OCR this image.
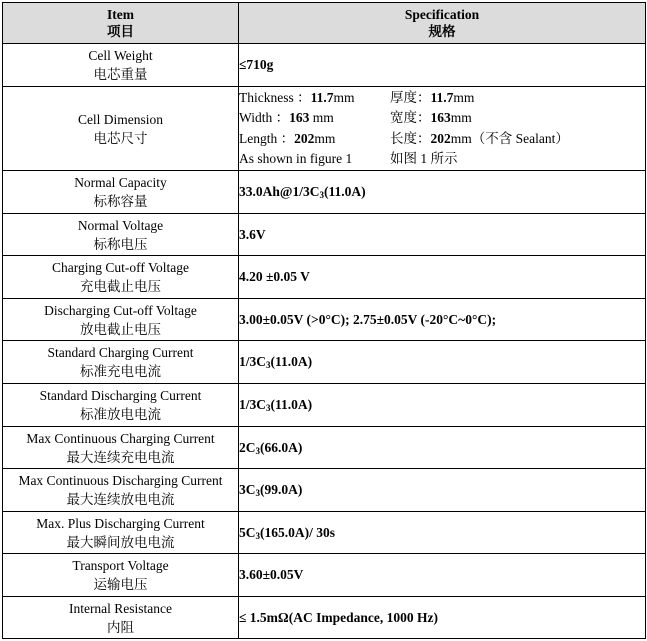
Item
项目	Specification
规格

Cell Weight
电芯重量	≤710g

Cell Dimension
电芯尺寸	Thickness ：11.7mm 厚度：11.7mm
Width ：163 mm 宽度：163mm
Length ：202mm 长度：202mm（不含 Sealant）
As shown in figure 1 如图 1 所示

Normal Capacity
标称容量	$33.0Ah@1/3C_3(11.0A)$

Normal Voltage
标称电压	3.6V

Charging Cut-off Voltage
充电截止电压	4.20 ±0.05 V

Discharging Cut-off Voltage
放电截止电压	3.00±0.05V (>0°C); 2.75±0.05V (-20°C~0°C);

Standard Charging Current
标准充电电流	$1/3C_3(11.0A)$

Standard Discharging Current
标准放电电流	$1/3C_3(11.0A)$

Max Continuous Charging Current
最大连续充电电流	$2C_3(66.0A)$

Max Continuous Discharging Current
最大连续放电电流	$3C_3(99.0A)$

Max. Plus Discharging Current
最大瞬间放电电流	$5C_3(165.0A)/$ 30s

Transport Voltage
运输电压	3.60±0.05V

Internal Resistance
内阻	≤ 1.5mΩ(AC Impedance, 1000 Hz)
